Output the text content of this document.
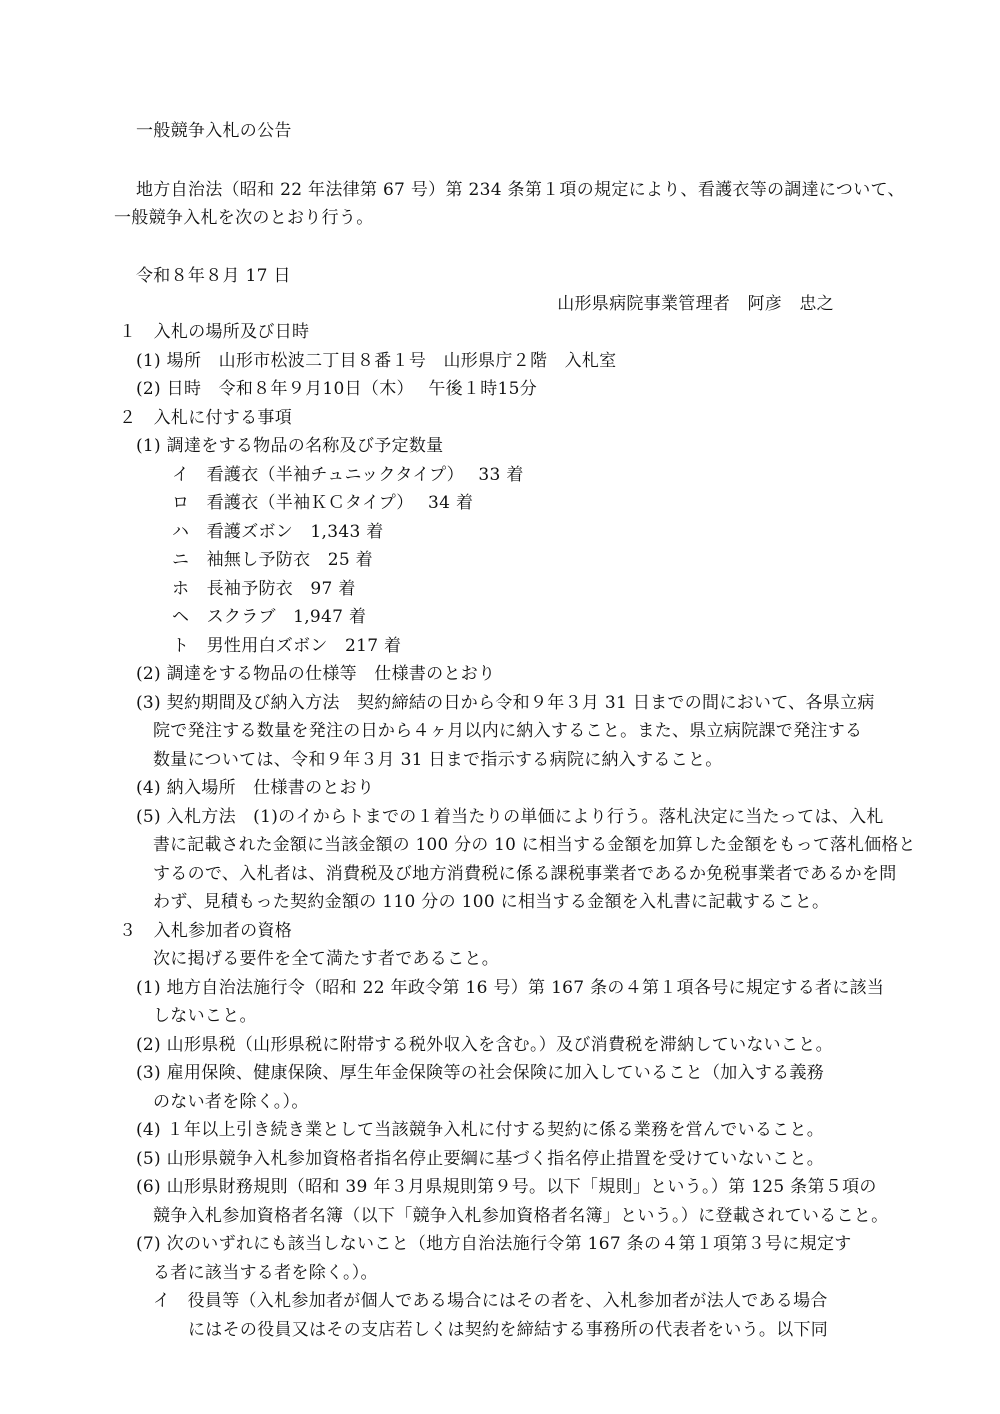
一般競争入札の公告
地方自治法（昭和 22 年法律第 67 号）第 234 条第１項の規定により、看護衣等の調達について、
一般競争入札を次のとおり行う。
令和８年８月 17 日
山形県病院事業管理者　阿彦　忠之
１　入札の場所及び日時
(1) 場所　山形市松波二丁目８番１号　山形県庁２階　入札室
(2) 日時　令和８年９月10日（木）　 午後１時15分
２　入札に付する事項
(1) 調達をする物品の名称及び予定数量
イ　看護衣（半袖チュニックタイプ）　 33 着
ロ　看護衣（半袖ＫＣタイプ）　 34 着
ハ　看護ズボン　1,343 着
ニ　袖無し予防衣　25 着
ホ　長袖予防衣　97 着
ヘ　スクラブ　1,947 着
ト　男性用白ズボン　217 着
(2) 調達をする物品の仕様等　仕様書のとおり
(3) 契約期間及び納入方法　契約締結の日から令和９年３月 31 日までの間において、各県立病
院で発注する数量を発注の日から４ヶ月以内に納入すること。また、県立病院課で発注する
数量については、令和９年３月 31 日まで指示する病院に納入すること。
(4) 納入場所　仕様書のとおり
(5) 入札方法　(1)のイからトまでの１着当たりの単価により行う。落札決定に当たっては、入札
書に記載された金額に当該金額の 100 分の 10 に相当する金額を加算した金額をもって落札価格と
するので、入札者は、消費税及び地方消費税に係る課税事業者であるか免税事業者であるかを問
わず、見積もった契約金額の 110 分の 100 に相当する金額を入札書に記載すること。
３　入札参加者の資格
次に掲げる要件を全て満たす者であること。
(1) 地方自治法施行令（昭和 22 年政令第 16 号）第 167 条の４第１項各号に規定する者に該当
しないこと。
(2) 山形県税（山形県税に附帯する税外収入を含む。）及び消費税を滞納していないこと。
(3) 雇用保険、健康保険、厚生年金保険等の社会保険に加入していること（加入する義務
のない者を除く。）。
(4) １年以上引き続き業として当該競争入札に付する契約に係る業務を営んでいること。
(5) 山形県競争入札参加資格者指名停止要綱に基づく指名停止措置を受けていないこと。
(6) 山形県財務規則（昭和 39 年３月県規則第９号。以下「規則」という。）第 125 条第５項の
競争入札参加資格者名簿（以下「競争入札参加資格者名簿」という。）に登載されていること。
(7) 次のいずれにも該当しないこと（地方自治法施行令第 167 条の４第１項第３号に規定す
る者に該当する者を除く。）。
イ　役員等（入札参加者が個人である場合にはその者を、入札参加者が法人である場合
にはその役員又はその支店若しくは契約を締結する事務所の代表者をいう。以下同
